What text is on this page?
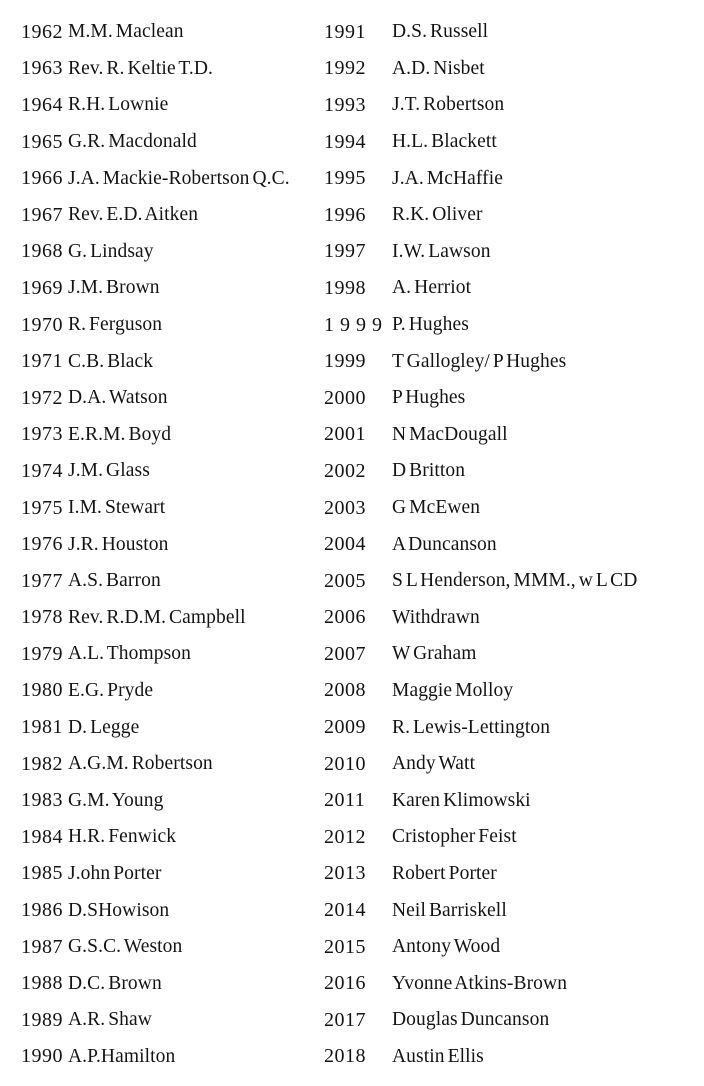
1962 M.M. Maclean
1963 Rev. R. Keltie T.D.
1964 R.H. Lownie
1965 G.R. Macdonald
1966 J.A. Mackie-Robertson Q.C.
1967 Rev. E.D. Aitken
1968 G. Lindsay
1969 J.M. Brown
1970 R. Ferguson
1971 C.B. Black
1972 D.A. Watson
1973 E.R.M. Boyd
1974 J.M. Glass
1975 I.M. Stewart
1976 J.R. Houston
1977 A.S. Barron
1978 Rev. R.D.M. Campbell
1979 A.L. Thompson
1980 E.G. Pryde
1981 D. Legge
1982 A.G.M. Robertson
1983 G.M. Young
1984 H.R. Fenwick
1985 J.ohn Porter
1986 D.SHowison
1987 G.S.C. Weston
1988 D.C. Brown
1989 A.R. Shaw
1990 A.P.Hamilton
1991	D.S. Russell
1992	A.D. Nisbet
1993	J.T. Robertson
1994	H.L. Blackett
1995	J.A. McHaffie
1996	R.K. Oliver
1997	I.W. Lawson
1998	A. Herriot
1 9 9 9 P. Hughes
1999	T Gallogley/ P Hughes
2000	P Hughes
2001	N MacDougall
2002	D Britton
2003	G McEwen
2004	A Duncanson
2005	S L Henderson, MMM., w L CD
2006	Withdrawn
2007	W Graham
2008	Maggie Molloy
2009	R. Lewis-Lettington
2010	Andy Watt
2011	Karen Klimowski
2012	Cristopher Feist
2013	Robert Porter
2014	Neil Barriskell
2015	Antony Wood
2016	Yvonne Atkins-Brown
2017	Douglas Duncanson
2018	Austin Ellis
